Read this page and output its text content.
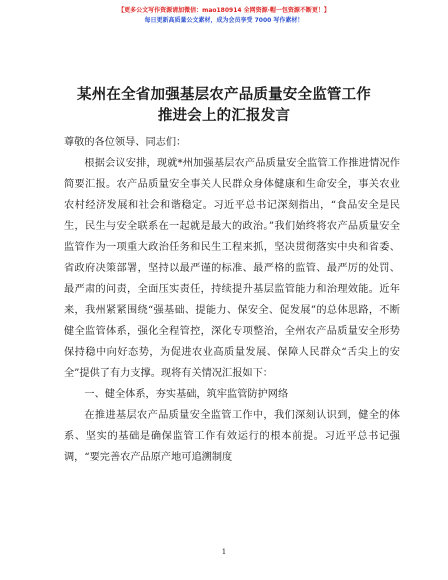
【更多公文写作资源请加微信：mao180914 全网资源·帽一包资源不断更！】
每日更新高质量公文素材，成为会员享受 7000 写作素材！
某州在全省加强基层农产品质量安全监管工作
推进会上的汇报发言

尊敬的各位领导、同志们：

根据会议安排，现就*州加强基层农产品质量安全监管工作推进情况作简要汇报。农产品质量安全事关人民群众身体健康和生命安全，事关农业农村经济发展和社会和谐稳定。习近平总书记深刻指出，“食品安全是民生，民生与安全联系在一起就是最大的政治。”我们始终将农产品质量安全监管作为一项重大政治任务和民生工程来抓，坚决贯彻落实中央和省委、省政府决策部署，坚持以最严谨的标准、最严格的监管、最严厉的处罚、最严肃的问责，全面压实责任，持续提升基层监管能力和治理效能。近年来，我州紧紧围绕“强基础、提能力、保安全、促发展”的总体思路，不断健全监管体系，强化全程管控，深化专项整治，全州农产品质量安全形势保持稳中向好态势，为促进农业高质量发展、保障人民群众“舌尖上的安全”提供了有力支撑。现将有关情况汇报如下：

一、健全体系，夯实基础，筑牢监管防护网络

在推进基层农产品质量安全监管工作中，我们深刻认识到，健全的体系、坚实的基础是确保监管工作有效运行的根本前提。习近平总书记强调，“要完善农产品原产地可追溯制度

1
